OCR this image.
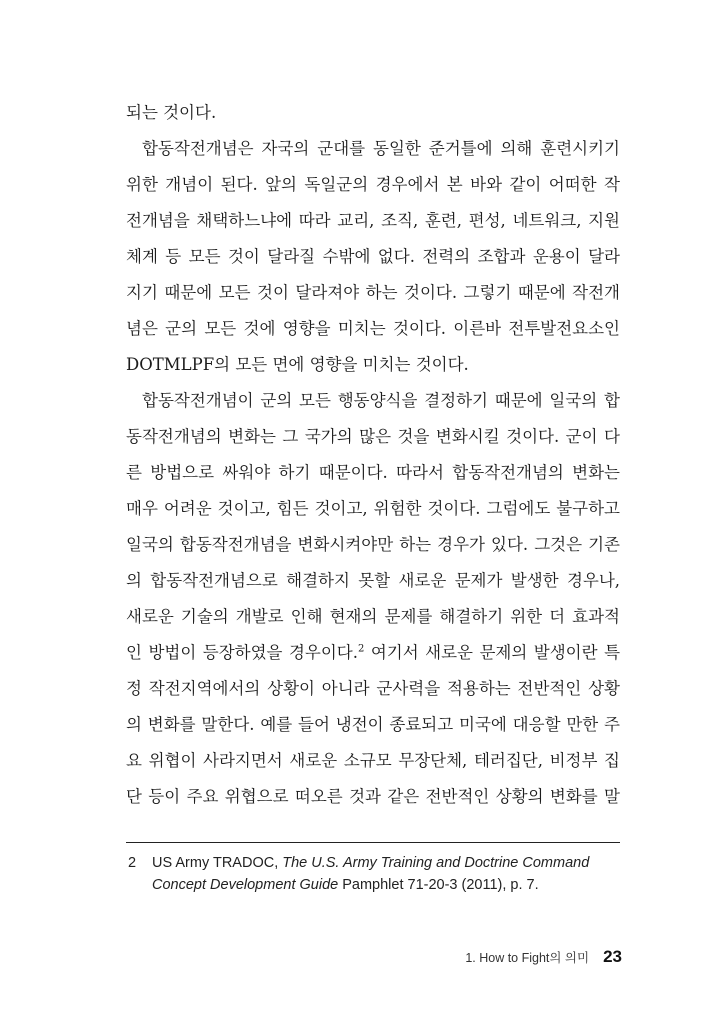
되는 것이다.
합동작전개념은 자국의 군대를 동일한 준거틀에 의해 훈련시키기
위한 개념이 된다. 앞의 독일군의 경우에서 본 바와 같이 어떠한 작
전개념을 채택하느냐에 따라 교리, 조직, 훈련, 편성, 네트워크, 지원
체계 등 모든 것이 달라질 수밖에 없다. 전력의 조합과 운용이 달라
지기 때문에 모든 것이 달라져야 하는 것이다. 그렇기 때문에 작전개
념은 군의 모든 것에 영향을 미치는 것이다. 이른바 전투발전요소인
DOTMLPF의 모든 면에 영향을 미치는 것이다.
합동작전개념이 군의 모든 행동양식을 결정하기 때문에 일국의 합
동작전개념의 변화는 그 국가의 많은 것을 변화시킬 것이다. 군이 다
른 방법으로 싸워야 하기 때문이다. 따라서 합동작전개념의 변화는
매우 어려운 것이고, 힘든 것이고, 위험한 것이다. 그럼에도 불구하고
일국의 합동작전개념을 변화시켜야만 하는 경우가 있다. 그것은 기존
의 합동작전개념으로 해결하지 못할 새로운 문제가 발생한 경우나,
새로운 기술의 개발로 인해 현재의 문제를 해결하기 위한 더 효과적
인 방법이 등장하였을 경우이다.$^2$ 여기서 새로운 문제의 발생이란 특
정 작전지역에서의 상황이 아니라 군사력을 적용하는 전반적인 상황
의 변화를 말한다. 예를 들어 냉전이 종료되고 미국에 대응할 만한 주
요 위협이 사라지면서 새로운 소규모 무장단체, 테러집단, 비정부 집
단 등이 주요 위협으로 떠오른 것과 같은 전반적인 상황의 변화를 말
2 US Army TRADOC, The U.S. Army Training and Doctrine Command
Concept Development Guide Pamphlet 71-20-3 (2011), p. 7.
1. How to Fight의 의미 23
